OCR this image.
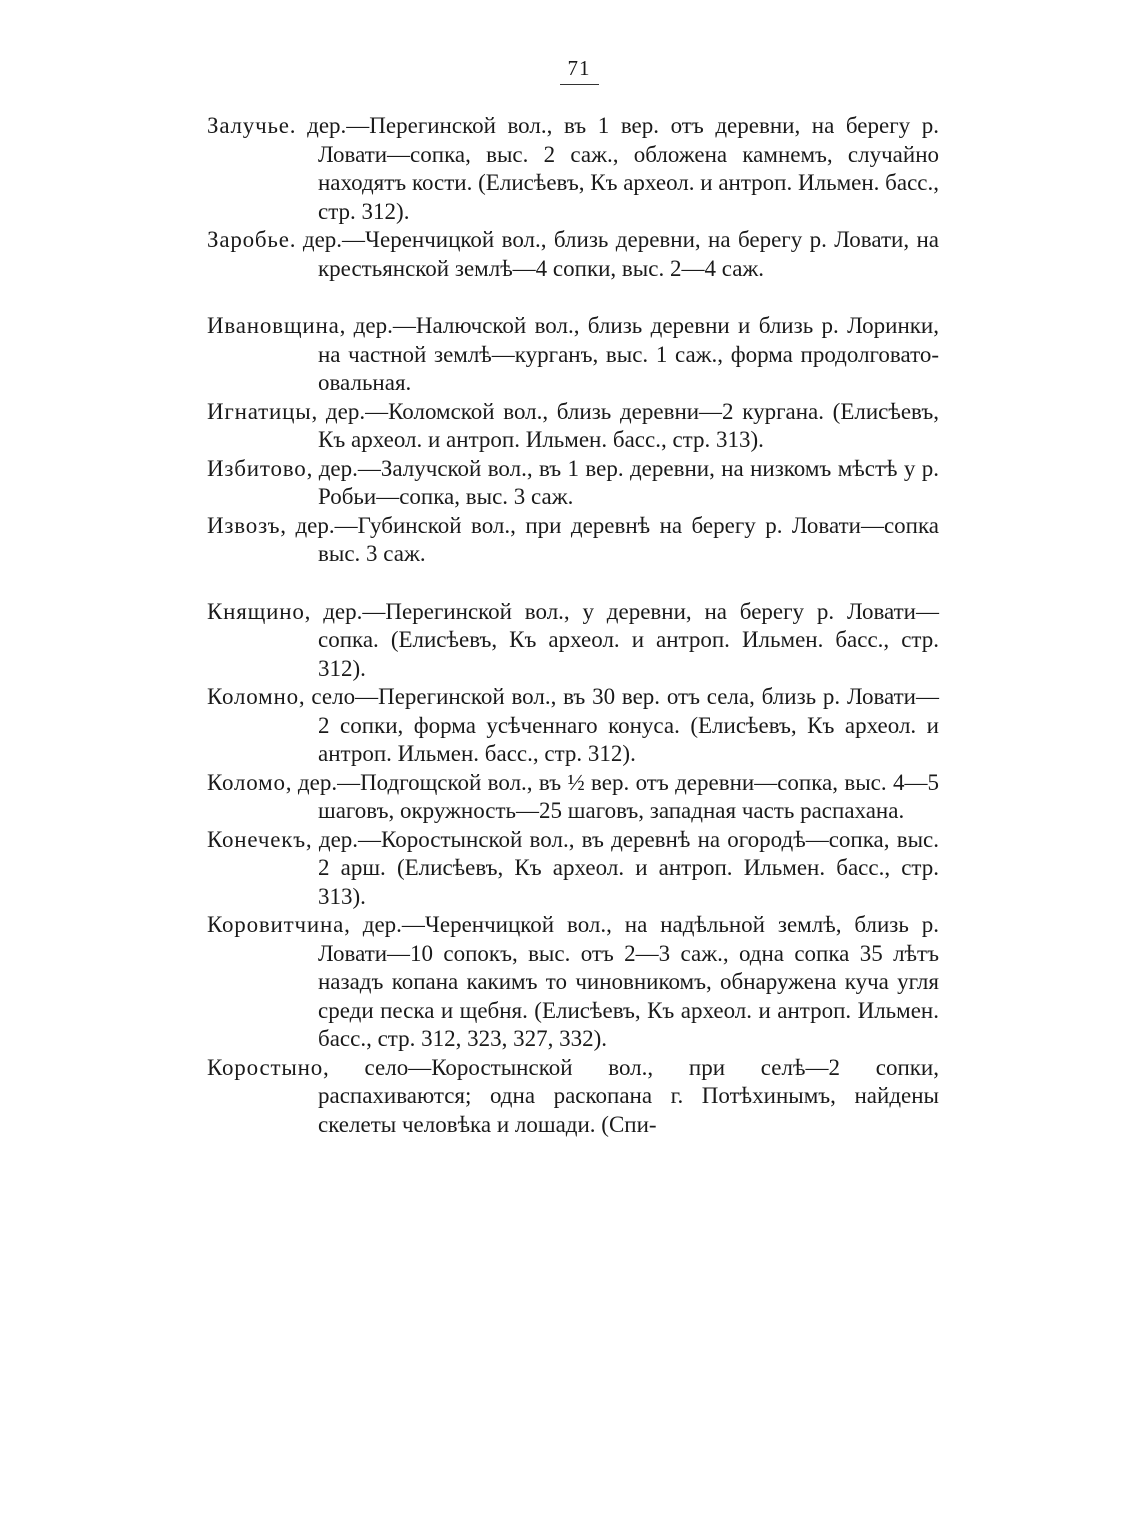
71

Залучье. дер.—Перегинской вол., въ 1 вер. отъ деревни, на берегу р. Ловати—сопка, выс. 2 саж., обложена камнемъ, случайно находятъ кости. (Елисѣевъ, Къ археол. и антроп. Ильмен. басс., стр. 312).

Заробье. дер.—Черенчицкой вол., близь деревни, на берегу р. Ловати, на крестьянской землѣ—4 сопки, выс. 2—4 саж.

Ивановщина, дер.—Налючской вол., близь деревни и близь р. Лоринки, на частной землѣ—курганъ, выс. 1 саж., форма продолговато-овальная.

Игнатицы, дер.—Коломской вол., близь деревни—2 кургана. (Елисѣевъ, Къ археол. и антроп. Ильмен. басс., стр. 313).

Избитово, дер.—Залучской вол., въ 1 вер. деревни, на низкомъ мѣстѣ у р. Робьи—сопка, выс. 3 саж.

Извозъ, дер.—Губинской вол., при деревнѣ на берегу р. Ловати—сопка выс. 3 саж.

Княщино, дер.—Перегинской вол., у деревни, на берегу р. Ловати—сопка. (Елисѣевъ, Къ археол. и антроп. Ильмен. басс., стр. 312).

Коломно, село—Перегинской вол., въ 30 вер. отъ села, близь р. Ловати—2 сопки, форма усѣченнаго конуса. (Елисѣевъ, Къ археол. и антроп. Ильмен. басс., стр. 312).

Коломо, дер.—Подгощской вол., въ ½ вер. отъ деревни—сопка, выс. 4—5 шаговъ, окружность—25 шаговъ, западная часть распахана.

Конечекъ, дер.—Коростынской вол., въ деревнѣ на огородѣ—сопка, выс. 2 арш. (Елисѣевъ, Къ археол. и антроп. Ильмен. басс., стр. 313).

Коровитчина, дер.—Черенчицкой вол., на надѣльной землѣ, близь р. Ловати—10 сопокъ, выс. отъ 2—3 саж., одна сопка 35 лѣтъ назадъ копана какимъ то чиновникомъ, обнаружена куча угля среди песка и щебня. (Елисѣевъ, Къ археол. и антроп. Ильмен. басс., стр. 312, 323, 327, 332).

Коростыно, село—Коростынской вол., при селѣ—2 сопки, распахиваются; одна раскопана г. Потѣхинымъ, найдены скелеты человѣка и лошади. (Спи-
